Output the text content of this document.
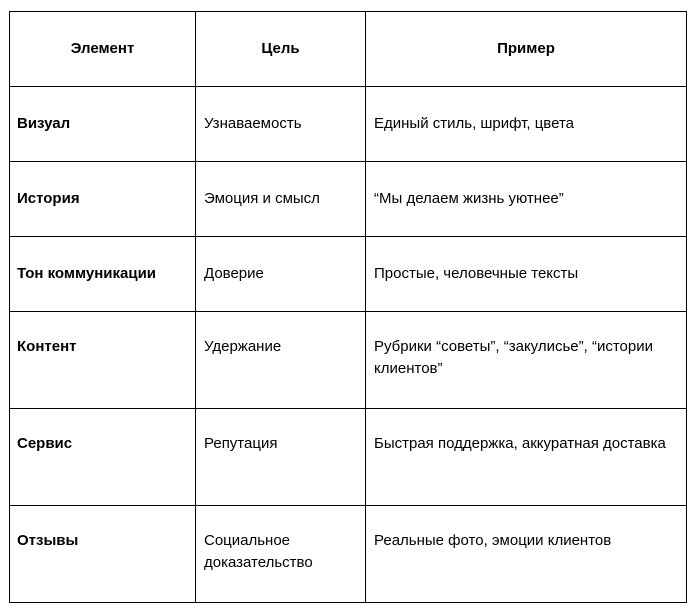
Элемент	Цель	Пример
Визуал	Узнаваемость	Единый стиль, шрифт, цвета
История	Эмоция и смысл	“Мы делаем жизнь уютнее”
Тон коммуникации	Доверие	Простые, человечные тексты
Контент	Удержание	Рубрики “советы”, “закулисье”, “истории клиентов”
Сервис	Репутация	Быстрая поддержка, аккуратная доставка
Отзывы	Социальное доказательство	Реальные фото, эмоции клиентов
